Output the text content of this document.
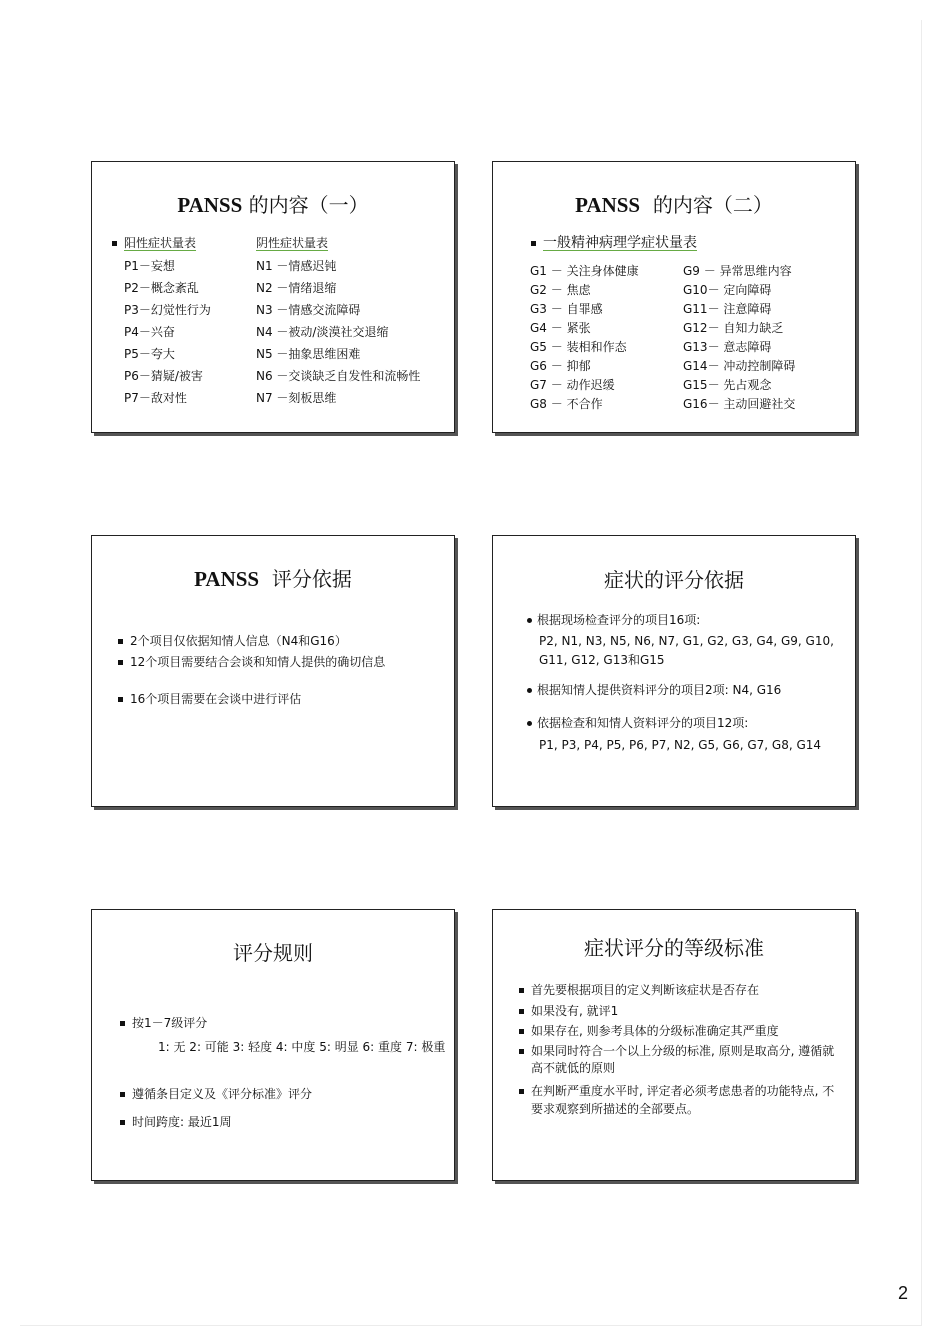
PANSS 的内容（一）
阳性症状量表	阴性症状量表
P1－妄想
P2－概念紊乱
P3－幻觉性行为
P4－兴奋
P5－夸大
P6－猜疑/被害
P7－敌对性
N1 －情感迟钝
N2 －情绪退缩
N3 －情感交流障碍
N4 －被动/淡漠社交退缩
N5 －抽象思维困难
N6 －交谈缺乏自发性和流畅性
N7 －刻板思维
PANSS  的内容（二）
一般精神病理学症状量表
G1 － 关注身体健康
G2 － 焦虑
G3 － 自罪感
G4 － 紧张
G5 － 装相和作态
G6 － 抑郁
G7 － 动作迟缓
G8 － 不合作
G9 － 异常思维内容
G10－ 定向障碍
G11－ 注意障碍
G12－ 自知力缺乏
G13－ 意志障碍
G14－ 冲动控制障碍
G15－ 先占观念
G16－ 主动回避社交
PANSS  评分依据
2个项目仅依据知情人信息（N4和G16）
12个项目需要结合会谈和知情人提供的确切信息
16个项目需要在会谈中进行评估
症状的评分依据
根据现场检查评分的项目16项:
P2, N1, N3, N5, N6, N7, G1, G2, G3, G4, G9, G10, G11, G12, G13和G15
根据知情人提供资料评分的项目2项: N4, G16
依据检查和知情人资料评分的项目12项:
P1, P3, P4, P5, P6, P7, N2, G5, G6, G7, G8, G14
评分规则
按1－7级评分
1: 无 2: 可能 3: 轻度 4: 中度 5: 明显 6: 重度 7: 极重
遵循条目定义及《评分标准》评分
时间跨度: 最近1周
症状评分的等级标准
首先要根据项目的定义判断该症状是否存在
如果没有, 就评1
如果存在, 则参考具体的分级标准确定其严重度
如果同时符合一个以上分级的标准, 原则是取高分, 遵循就高不就低的原则
在判断严重度水平时, 评定者必须考虑患者的功能特点, 不要求观察到所描述的全部要点。
2
